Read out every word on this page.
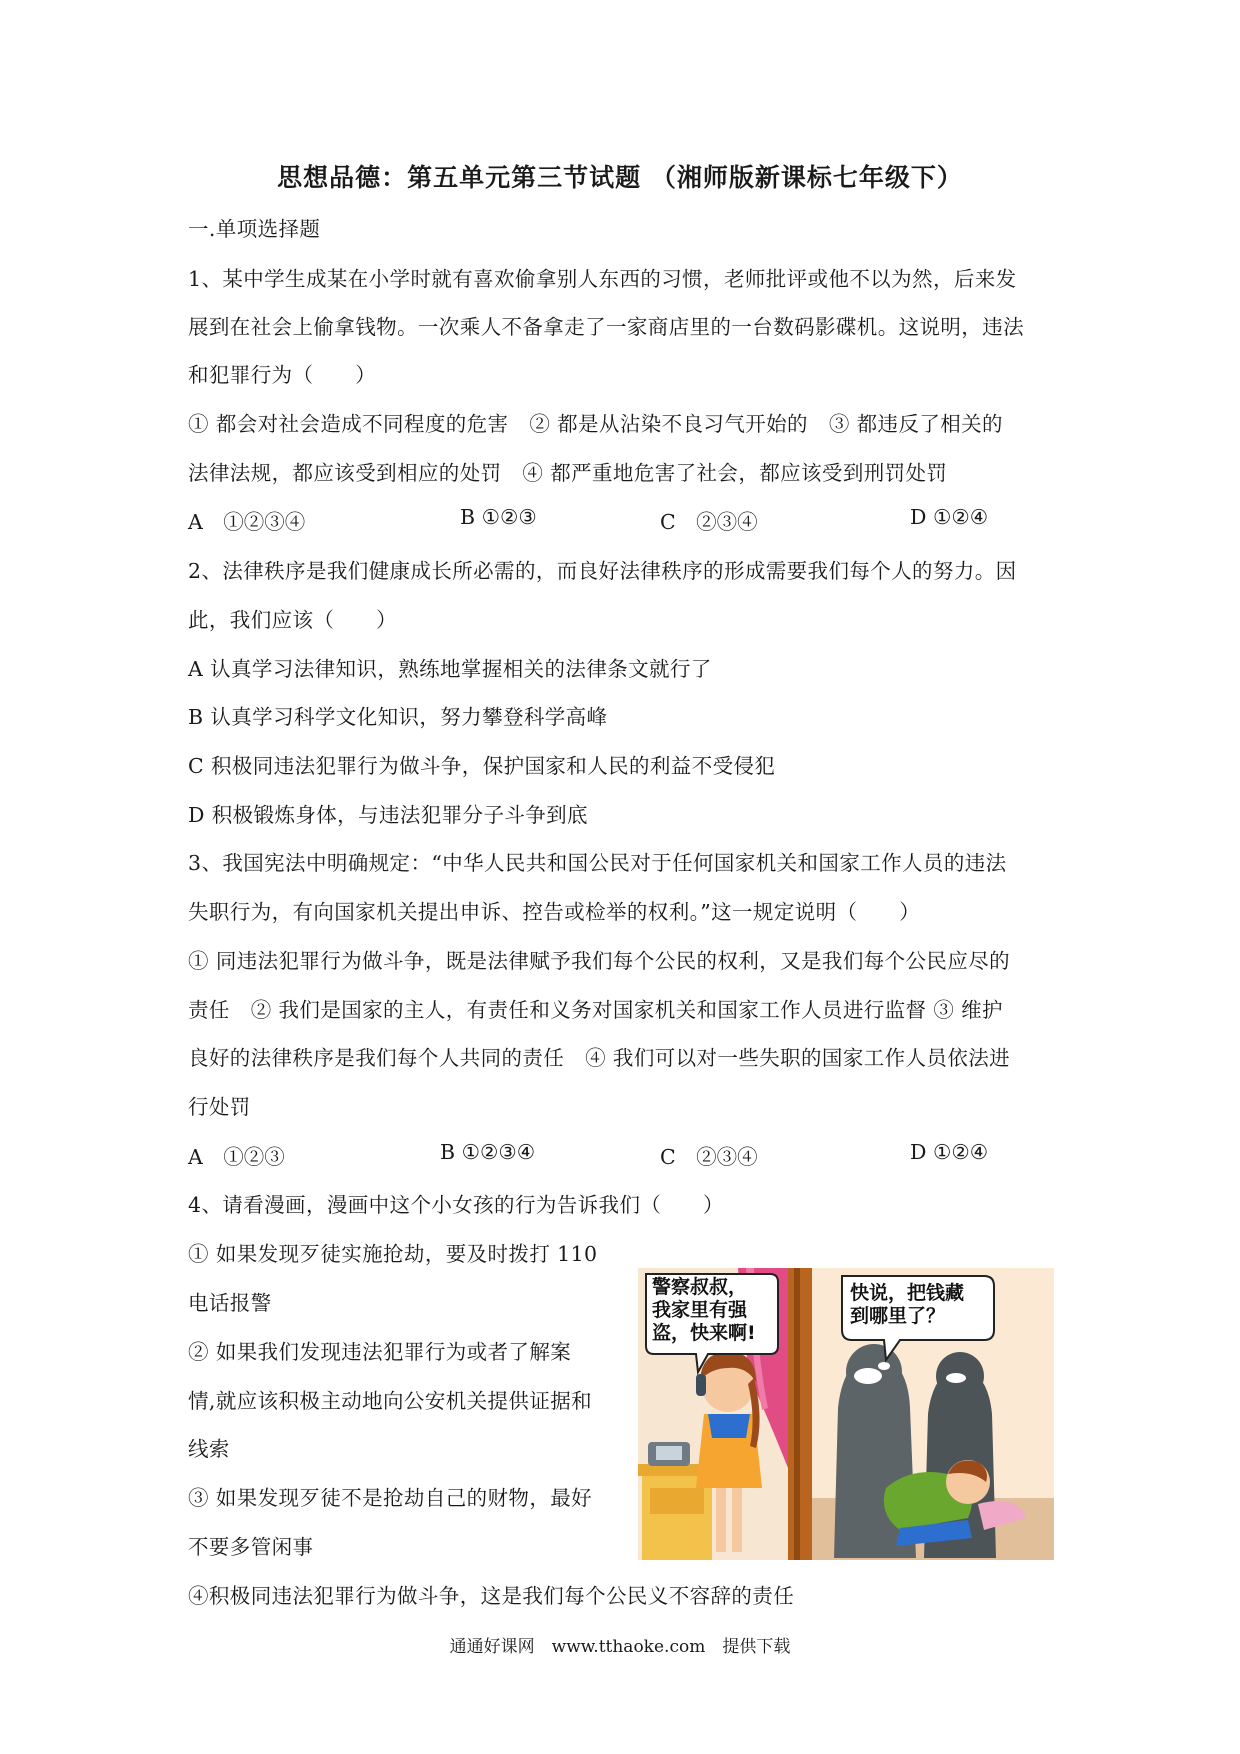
思想品德：第五单元第三节试题 （湘师版新课标七年级下）
一.单项选择题
1、某中学生成某在小学时就有喜欢偷拿别人东西的习惯，老师批评或他不以为然，后来发
展到在社会上偷拿钱物。一次乘人不备拿走了一家商店里的一台数码影碟机。这说明，违法
和犯罪行为（　　）
① 都会对社会造成不同程度的危害　② 都是从沾染不良习气开始的　③ 都违反了相关的
法律法规，都应该受到相应的处罚　④ 都严重地危害了社会，都应该受到刑罚处罚
A　①②③④	B ①②③	C　②③④	D ①②④
2、法律秩序是我们健康成长所必需的，而良好法律秩序的形成需要我们每个人的努力。因
此，我们应该（　　）
A 认真学习法律知识，熟练地掌握相关的法律条文就行了
B 认真学习科学文化知识，努力攀登科学高峰
C 积极同违法犯罪行为做斗争，保护国家和人民的利益不受侵犯
D 积极锻炼身体，与违法犯罪分子斗争到底
3、我国宪法中明确规定：“中华人民共和国公民对于任何国家机关和国家工作人员的违法
失职行为，有向国家机关提出申诉、控告或检举的权利。”这一规定说明（　　）
① 同违法犯罪行为做斗争，既是法律赋予我们每个公民的权利，又是我们每个公民应尽的
责任　② 我们是国家的主人，有责任和义务对国家机关和国家工作人员进行监督 ③ 维护
良好的法律秩序是我们每个人共同的责任　④ 我们可以对一些失职的国家工作人员依法进
行处罚
A　①②③	B ①②③④	C　②③④	D ①②④
4、请看漫画，漫画中这个小女孩的行为告诉我们（　　）
① 如果发现歹徒实施抢劫，要及时拨打 110
电话报警
② 如果我们发现违法犯罪行为或者了解案
情,就应该积极主动地向公安机关提供证据和
线索
③ 如果发现歹徒不是抢劫自己的财物，最好
不要多管闲事
④积极同违法犯罪行为做斗争，这是我们每个公民义不容辞的责任
警察叔叔，
我家里有强
盗，快来啊!
快说，把钱藏
到哪里了？
通通好课网　www.tthaoke.com　提供下载
